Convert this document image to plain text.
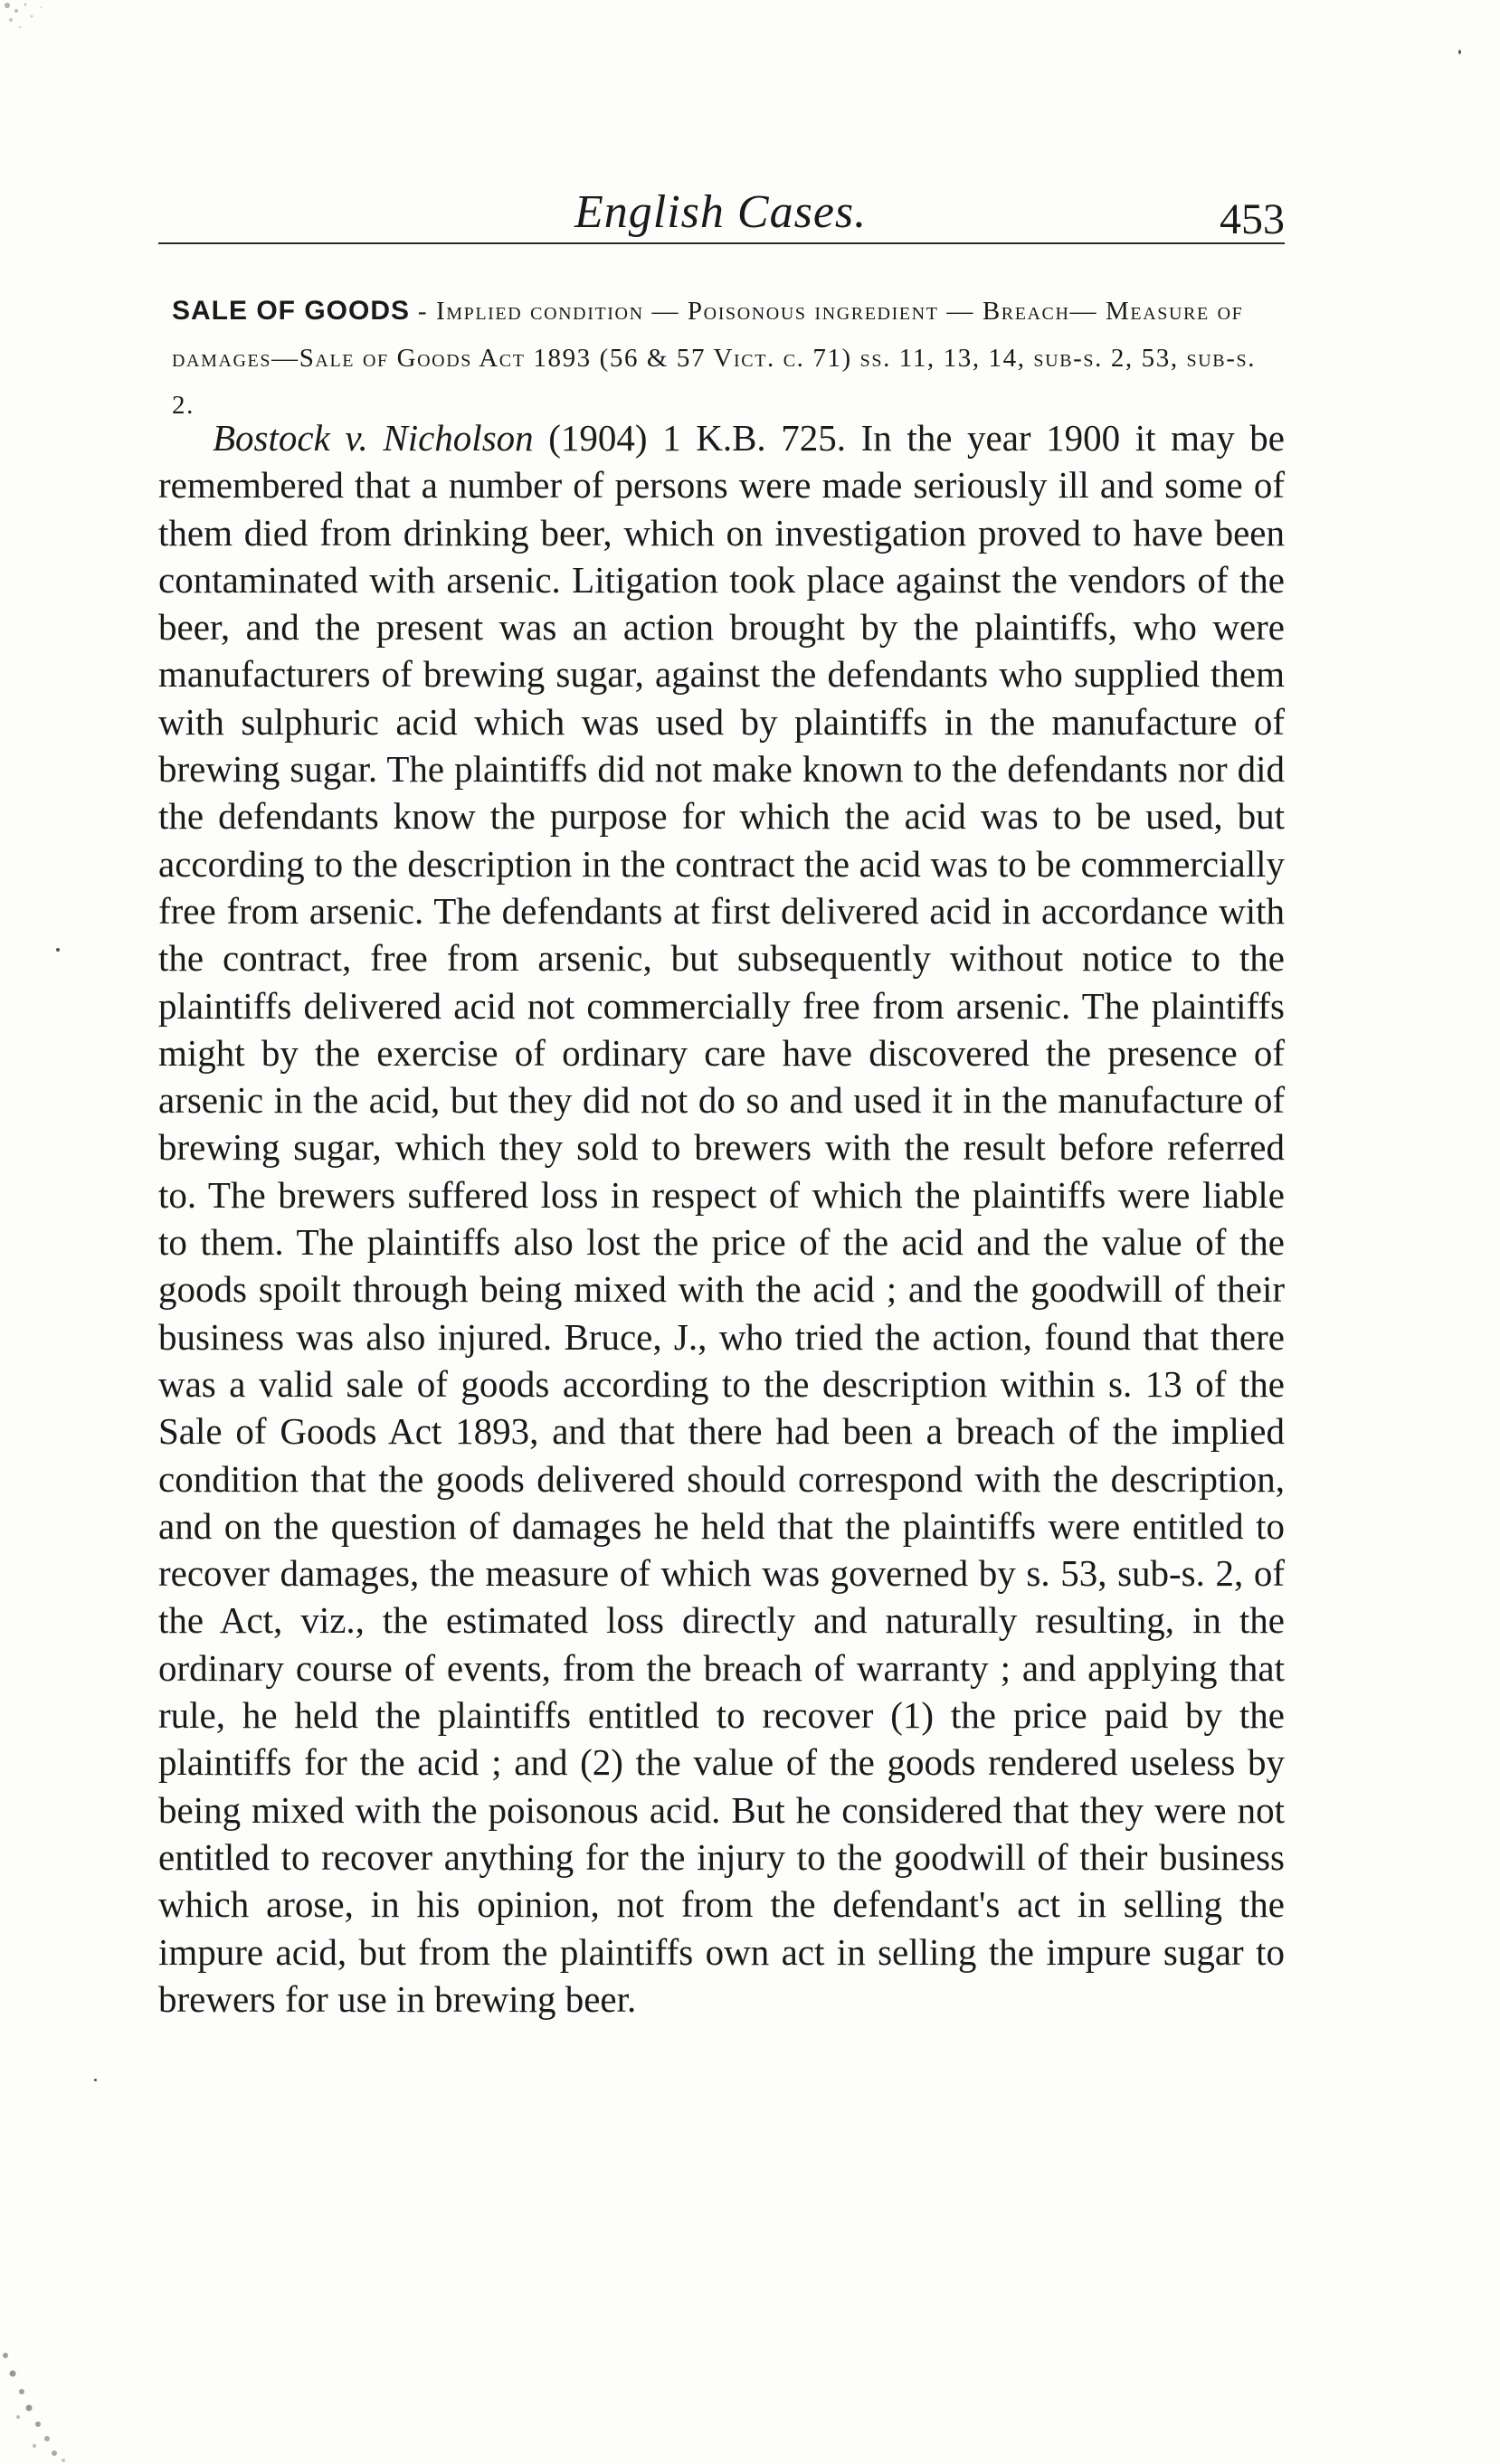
English Cases.	453
SALE OF GOODS - Implied condition — Poisonous ingredient — Breach— Measure of damages—Sale of Goods Act 1893 (56 & 57 Vict. c. 71) ss. 11, 13, 14, sub-s. 2, 53, sub-s. 2.
Bostock v. Nicholson (1904) 1 K.B. 725. In the year 1900 it may be remembered that a number of persons were made seriously ill and some of them died from drinking beer, which on investigation proved to have been contaminated with arsenic. Litigation took place against the vendors of the beer, and the present was an action brought by the plaintiffs, who were manufacturers of brewing sugar, against the defendants who supplied them with sulphuric acid which was used by plaintiffs in the manufacture of brewing sugar. The plaintiffs did not make known to the defendants nor did the defendants know the purpose for which the acid was to be used, but according to the description in the contract the acid was to be commercially free from arsenic. The defendants at first delivered acid in accordance with the contract, free from arsenic, but subsequently without notice to the plaintiffs delivered acid not commercially free from arsenic. The plaintiffs might by the exercise of ordinary care have discovered the presence of arsenic in the acid, but they did not do so and used it in the manufacture of brewing sugar, which they sold to brewers with the result before referred to. The brewers suffered loss in respect of which the plaintiffs were liable to them. The plaintiffs also lost the price of the acid and the value of the goods spoilt through being mixed with the acid ; and the goodwill of their business was also injured. Bruce, J., who tried the action, found that there was a valid sale of goods according to the description within s. 13 of the Sale of Goods Act 1893, and that there had been a breach of the implied condition that the goods delivered should correspond with the description, and on the question of damages he held that the plaintiffs were entitled to recover damages, the measure of which was governed by s. 53, sub-s. 2, of the Act, viz., the estimated loss directly and naturally resulting, in the ordinary course of events, from the breach of warranty ; and applying that rule, he held the plaintiffs entitled to recover (1) the price paid by the plaintiffs for the acid ; and (2) the value of the goods rendered useless by being mixed with the poisonous acid. But he considered that they were not entitled to recover anything for the injury to the goodwill of their business which arose, in his opinion, not from the defendant's act in selling the impure acid, but from the plaintiffs own act in selling the impure sugar to brewers for use in brewing beer.
